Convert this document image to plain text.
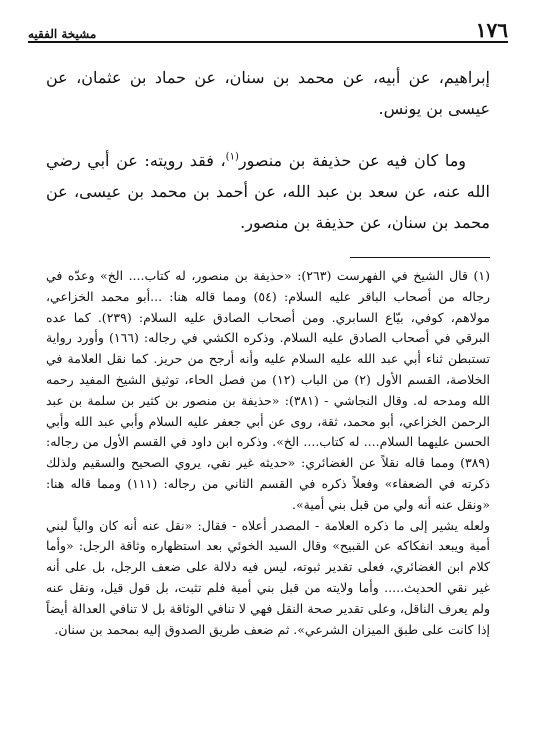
١٧٦
مشيخة الفقيه

إبراهيم، عن أبيه، عن محمد بن سنان، عن حماد بن عثمان، عن عيسى بن يونس.

وما كان فيه عن حذيفة بن منصور$^{(١)}$، فقد رويته: عن أبي رضي الله عنه، عن سعد بن عبد الله، عن أحمد بن محمد بن عيسى، عن محمد بن سنان، عن حذيفة بن منصور.

(١) قال الشيخ في الفهرست (٢٦٣): «حذيفة بن منصور، له كتاب.... الخ» وعدّه في رجاله من أصحاب الباقر عليه السلام: (٥٤) ومما قاله هنا: ...أبو محمد الخزاعي، مولاهم، كوفي، بيّاع السابري. ومن أصحاب الصادق عليه السلام: (٢٣٩). كما عده البرقي في أصحاب الصادق عليه السلام. وذكره الكشي في رجاله: (١٦٦) وأورد رواية تستبطن ثناء أبي عبد الله عليه السلام عليه وأنه أرجح من حريز. كما نقل العلامة في الخلاصة، القسم الأول (٢) من الباب (١٢) من فصل الحاء، توثيق الشيخ المفيد رحمه الله ومدحه له. وقال النجاشي - (٣٨١): «حذيفة بن منصور بن كثير بن سلمة بن عبد الرحمن الخزاعي، أبو محمد، ثقة، روى عن أبي جعفر عليه السلام وأبي عبد الله وأبي الحسن عليهما السلام.... له كتاب.... الخ». وذكره ابن داود في القسم الأول من رجاله: (٣٨٩) ومما قاله نقلاً عن الغضائري: «حديثه غير نقي، يروي الصحيح والسقيم ولذلك ذكرته في الضعفاء» وفعلاً ذكره في القسم الثاني من رجاله: (١١١) ومما قاله هنا: «ونقل عنه أنه ولي من قبل بني أمية».

ولعله يشير إلى ما ذكره العلامة - المصدر أعلاه - فقال: «نقل عنه أنه كان والياً لبني أمية ويبعد انفكاكه عن القبيح» وقال السيد الخوئي بعد استظهاره وثاقة الرجل: «وأما كلام ابن الغضائري، فعلى تقدير ثبوته، ليس فيه دلالة على ضعف الرجل، بل على أنه غير نقي الحديث..... وأما ولايته من قبل بني أمية فلم تثبت، بل قول قيل، ونقل عنه ولم يعرف الناقل، وعلى تقدير صحة النقل فهي لا تنافي الوثاقة بل لا تنافي العدالة أيضاً إذا كانت على طبق الميزان الشرعي». ثم ضعف طريق الصدوق إليه بمحمد بن سنان.
